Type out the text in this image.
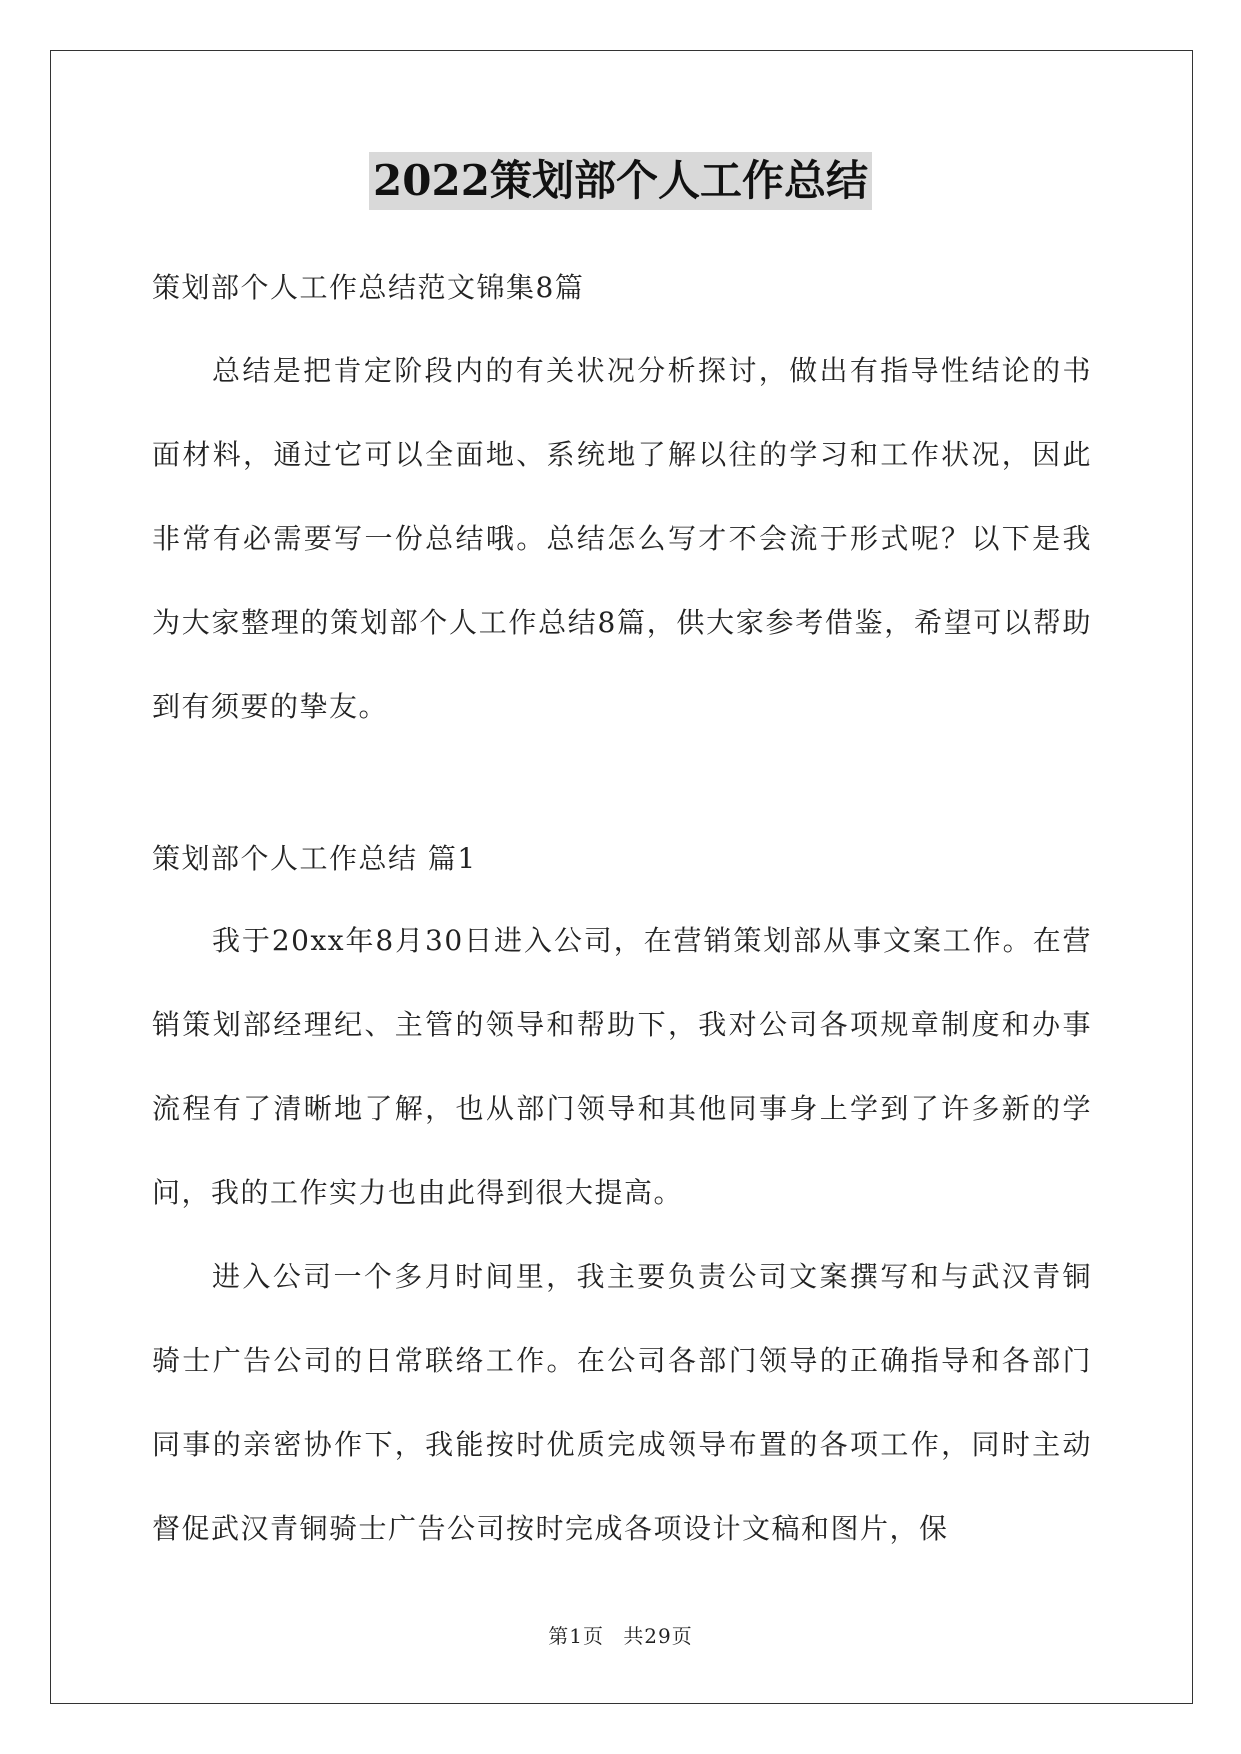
2022策划部个人工作总结
策划部个人工作总结范文锦集8篇

总结是把肯定阶段内的有关状况分析探讨，做出有指导性结论的书面材料，通过它可以全面地、系统地了解以往的学习和工作状况，因此非常有必需要写一份总结哦。总结怎么写才不会流于形式呢？以下是我为大家整理的策划部个人工作总结8篇，供大家参考借鉴，希望可以帮助到有须要的挚友。

策划部个人工作总结 篇1

我于20xx年8月30日进入公司，在营销策划部从事文案工作。在营销策划部经理纪、主管的领导和帮助下，我对公司各项规章制度和办事流程有了清晰地了解，也从部门领导和其他同事身上学到了许多新的学问，我的工作实力也由此得到很大提高。

进入公司一个多月时间里，我主要负责公司文案撰写和与武汉青铜骑士广告公司的日常联络工作。在公司各部门领导的正确指导和各部门同事的亲密协作下，我能按时优质完成领导布置的各项工作，同时主动督促武汉青铜骑士广告公司按时完成各项设计文稿和图片，保

第1页 共29页
